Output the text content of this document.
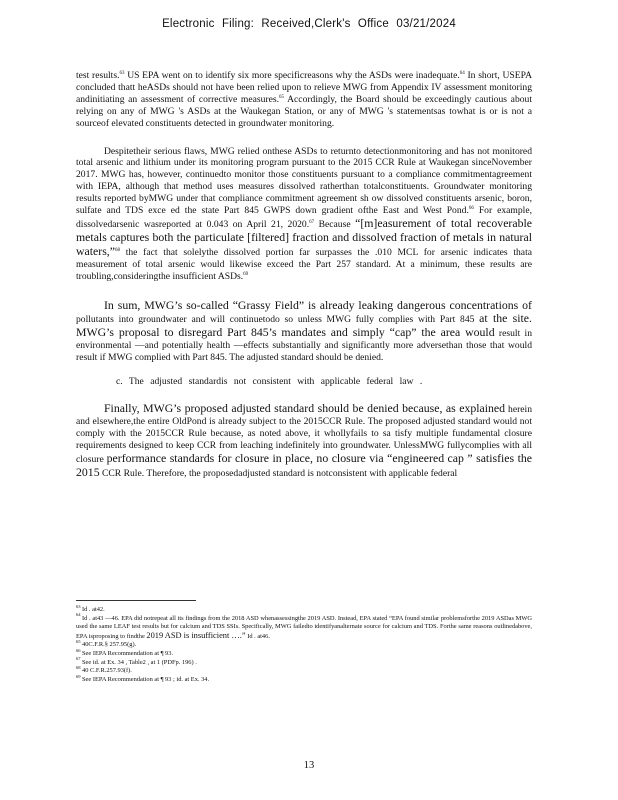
Electronic Filing: Received,Clerk's Office 03/21/2024

test results.$^{63}$ US EPA went on to identify six more specificreasons why the ASDs were inadequate.$^{64}$ In short, USEPA concluded thatt heASDs should not have been relied upon to relieve MWG from Appendix IV assessment monitoring andinitiating an assessment of corrective measures.$^{65}$ Accordingly, the Board should be exceedingly cautious about relying on any of MWG 's ASDs at the Waukegan Station, or any of MWG 's statementsas towhat is or is not a sourceof elevated constituents detected in groundwater monitoring.

Despitetheir serious flaws, MWG relied onthese ASDs to returnto detectionmonitoring and has not monitored total arsenic and lithium under its monitoring program pursuant to the 2015 CCR Rule at Waukegan sinceNovember 2017. MWG has, however, continuedto monitor those constituents pursuant to a compliance commitmentagreement with IEPA, although that method uses measures dissolved ratherthan totalconstituents. Groundwater monitoring results reported byMWG under that compliance commitment agreement sh ow dissolved constituents arsenic, boron, sulfate and TDS exce ed the state Part 845 GWPS down gradient ofthe East and West Pond.$^{66}$ For example, dissolvedarsenic wasreported at 0.043 on April 21, 2020.67 Because “[m]easurement of total recoverable metals captures both the particulate [filtered] fraction and dissolved fraction of metals in natural waters,”$^{68}$ the fact that solelythe dissolved portion far surpasses the .010 MCL for arsenic indicates thata measurement of total arsenic would likewise exceed the Part 257 standard. At a minimum, these results are troubling,consideringthe insufficient ASDs.$^{69}$

In sum, MWG’s so-called “Grassy Field” is already leaking dangerous concentrations of pollutants into groundwater and will continuetodo so unless MWG fully complies with Part 845 at the site. MWG’s proposal to disregard Part 845’s mandates and simply “cap” the area would result in environmental —and potentially health —effects substantially and significantly more adversethan those that would result if MWG complied with Part 845. The adjusted standard should be denied.

c. The adjusted standardis not consistent with applicable federal law .

Finally, MWG’s proposed adjusted standard should be denied because, as explained herein and elsewhere,the entire OldPond is already subject to the 2015CCR Rule. The proposed adjusted standard would not comply with the 2015CCR Rule because, as noted above, it whollyfails to sa tisfy multiple fundamental closure requirements designed to keep CCR from leaching indefinitely into groundwater. UnlessMWG fullycomplies with all closure performance standards for closure in place, no closure via “engineered cap ” satisfies the 2015 CCR Rule. Therefore, the proposedadjusted standard is notconsistent with applicable federal

63Id . at42.

64Id . at43 —46. EPA did notrepeat all its findings from the 2018 ASD whenassessingthe 2019 ASD. Instead, EPA stated “EPA found similar problemsforthe 2019 ASDas MWG used the same LEAF test results but for calcium and TDS SSIs. Specifically, MWG failedto identifyanalternate source for calcium and TDS. Forthe same reasons outlinedabove, EPA isproposing to findthe 2019 ASD is insufficient ….” Id . at46.

6540C.F.R.§ 257.95(g).

66See IEPA Recommendation at ¶ 93.

67See id. at Ex. 34 , Table2 , at 1 (PDFp. 196) .

6840 C.F.R.257.93(f).

69See IEPA Recommendation at ¶ 93 ; id. at Ex. 34.

13
